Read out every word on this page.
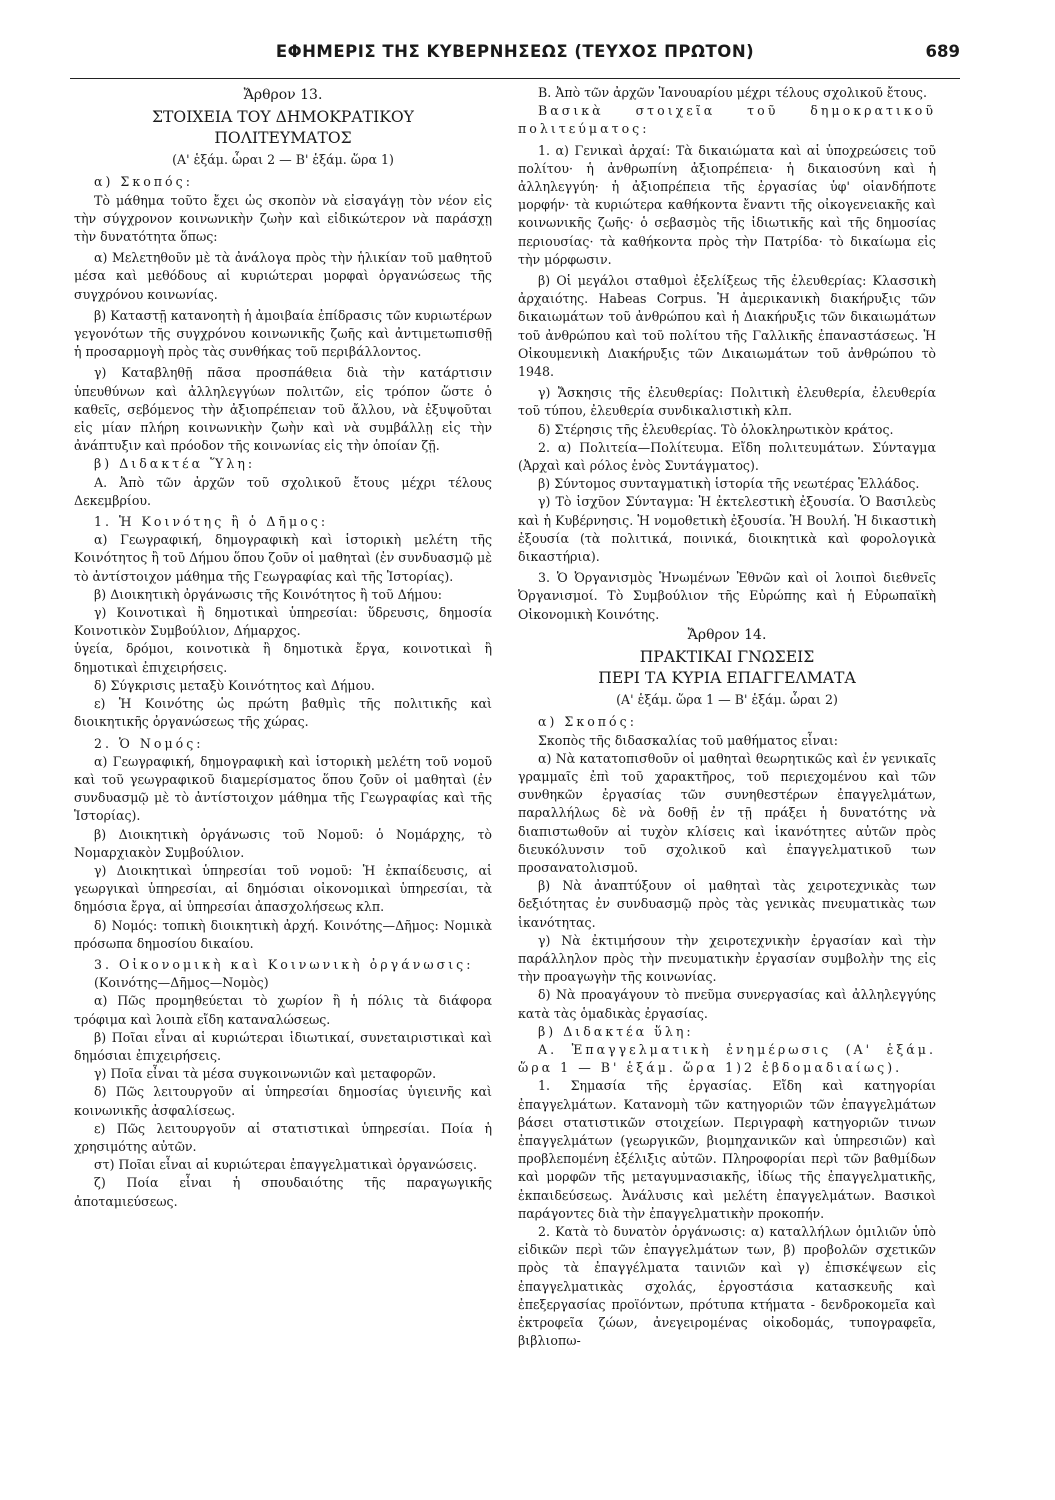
ΕΦΗΜΕΡΙΣ ΤΗΣ ΚΥΒΕΡΝΗΣΕΩΣ (ΤΕΥΧΟΣ ΠΡΩΤΟΝ)	689

Ἄρθρον 13.

ΣΤΟΙΧΕΙΑ ΤΟΥ ΔΗΜΟΚΡΑΤΙΚΟΥ

ΠΟΛΙΤΕΥΜΑΤΟΣ

(Α' ἑξάμ. ὧραι 2 — Β' ἑξάμ. ὥρα 1)

α) Σκοπός:

Τὸ μάθημα τοῦτο ἔχει ὡς σκοπὸν νὰ εἰσαγάγῃ τὸν νέον εἰς τὴν σύγχρονον κοινωνικὴν ζωὴν καὶ εἰδικώτερον νὰ παράσχῃ τὴν δυνατότητα ὅπως:

α) Μελετηθοῦν μὲ τὰ ἀνάλογα πρὸς τὴν ἡλικίαν τοῦ μαθητοῦ μέσα καὶ μεθόδους αἱ κυριώτεραι μορφαὶ ὀργανώσεως τῆς συγχρόνου κοινωνίας.

β) Καταστῇ κατανοητὴ ἡ ἀμοιβαία ἐπίδρασις τῶν κυριωτέρων γεγονότων τῆς συγχρόνου κοινωνικῆς ζωῆς καὶ ἀντιμετωπισθῇ ἡ προσαρμογὴ πρὸς τὰς συνθήκας τοῦ περιβάλλοντος.

γ) Καταβληθῇ πᾶσα προσπάθεια διὰ τὴν κατάρτισιν ὑπευθύνων καὶ ἀλληλεγγύων πολιτῶν, εἰς τρόπον ὥστε ὁ καθεῖς, σεβόμενος τὴν ἀξιοπρέπειαν τοῦ ἄλλου, νὰ ἐξυψοῦται εἰς μίαν πλήρη κοινωνικὴν ζωὴν καὶ νὰ συμβάλλῃ εἰς τὴν ἀνάπτυξιν καὶ πρόοδον τῆς κοινωνίας εἰς τὴν ὁποίαν ζῇ.

β) Διδακτέα Ὕλη:

Α. Ἀπὸ τῶν ἀρχῶν τοῦ σχολικοῦ ἔτους μέχρι τέλους Δεκεμβρίου.

1. Ἡ Κοινότης ἢ ὁ Δῆμος:

α) Γεωγραφική, δημογραφικὴ καὶ ἱστορικὴ μελέτη τῆς Κοινότητος ἢ τοῦ Δήμου ὅπου ζοῦν οἱ μαθηταὶ (ἐν συνδυασμῷ μὲ τὸ ἀντίστοιχον μάθημα τῆς Γεωγραφίας καὶ τῆς Ἱστορίας).

β) Διοικητικὴ ὀργάνωσις τῆς Κοινότητος ἢ τοῦ Δήμου:

γ) Κοινοτικαὶ ἢ δημοτικαὶ ὑπηρεσίαι: ὕδρευσις, δημοσία Κοινοτικὸν Συμβούλιον, Δήμαρχος.

ὑγεία, δρόμοι, κοινοτικὰ ἢ δημοτικὰ ἔργα, κοινοτικαὶ ἢ δημοτικαὶ ἐπιχειρήσεις.

δ) Σύγκρισις μεταξὺ Κοινότητος καὶ Δήμου.

ε) Ἡ Κοινότης ὡς πρώτη βαθμὶς τῆς πολιτικῆς καὶ διοικητικῆς ὀργανώσεως τῆς χώρας.

2. Ὁ Νομός:

α) Γεωγραφική, δημογραφικὴ καὶ ἱστορικὴ μελέτη τοῦ νομοῦ καὶ τοῦ γεωγραφικοῦ διαμερίσματος ὅπου ζοῦν οἱ μαθηταὶ (ἐν συνδυασμῷ μὲ τὸ ἀντίστοιχον μάθημα τῆς Γεωγραφίας καὶ τῆς Ἱστορίας).

β) Διοικητικὴ ὀργάνωσις τοῦ Νομοῦ: ὁ Νομάρχης, τὸ Νομαρχιακὸν Συμβούλιον.

γ) Διοικητικαὶ ὑπηρεσίαι τοῦ νομοῦ: Ἡ ἐκπαίδευσις, αἱ γεωργικαὶ ὑπηρεσίαι, αἱ δημόσιαι οἰκονομικαὶ ὑπηρεσίαι, τὰ δημόσια ἔργα, αἱ ὑπηρεσίαι ἀπασχολήσεως κλπ.

δ) Νομός: τοπικὴ διοικητικὴ ἀρχή. Κοινότης—Δῆμος: Νομικὰ πρόσωπα δημοσίου δικαίου.

3. Οἰκονομικὴ καὶ Κοινωνικὴ ὀργάνωσις:

(Κοινότης—Δῆμος—Νομὸς)

α) Πῶς προμηθεύεται τὸ χωρίον ἢ ἡ πόλις τὰ διάφορα τρόφιμα καὶ λοιπὰ εἴδη καταναλώσεως.

β) Ποῖαι εἶναι αἱ κυριώτεραι ἰδιωτικαί, συνεταιριστικαὶ καὶ δημόσιαι ἐπιχειρήσεις.

γ) Ποῖα εἶναι τὰ μέσα συγκοινωνιῶν καὶ μεταφορῶν.

δ) Πῶς λειτουργοῦν αἱ ὑπηρεσίαι δημοσίας ὑγιεινῆς καὶ κοινωνικῆς ἀσφαλίσεως.

ε) Πῶς λειτουργοῦν αἱ στατιστικαὶ ὑπηρεσίαι. Ποία ἡ χρησιμότης αὐτῶν.

στ) Ποῖαι εἶναι αἱ κυριώτεραι ἐπαγγελματικαὶ ὀργανώσεις.

ζ) Ποία εἶναι ἡ σπουδαιότης τῆς παραγωγικῆς ἀποταμιεύσεως.

Β. Ἀπὸ τῶν ἀρχῶν Ἰανουαρίου μέχρι τέλους σχολικοῦ ἔτους.

Βασικὰ στοιχεῖα τοῦ δημοκρατικοῦ πολιτεύματος:

1. α) Γενικαὶ ἀρχαί: Τὰ δικαιώματα καὶ αἱ ὑποχρεώσεις τοῦ πολίτου· ἡ ἀνθρωπίνη ἀξιοπρέπεια· ἡ δικαιοσύνη καὶ ἡ ἀλληλεγγύη· ἡ ἀξιοπρέπεια τῆς ἐργασίας ὑφ' οἱανδήποτε μορφήν· τὰ κυριώτερα καθήκοντα ἔναντι τῆς οἰκογενειακῆς καὶ κοινωνικῆς ζωῆς· ὁ σεβασμὸς τῆς ἰδιωτικῆς καὶ τῆς δημοσίας περιουσίας· τὰ καθήκοντα πρὸς τὴν Πατρίδα· τὸ δικαίωμα εἰς τὴν μόρφωσιν.

β) Οἱ μεγάλοι σταθμοὶ ἐξελίξεως τῆς ἐλευθερίας: Κλασσικὴ ἀρχαιότης. Habeas Corpus. Ἡ ἀμερικανικὴ διακήρυξις τῶν δικαιωμάτων τοῦ ἀνθρώπου καὶ ἡ Διακήρυξις τῶν δικαιωμάτων τοῦ ἀνθρώπου καὶ τοῦ πολίτου τῆς Γαλλικῆς ἐπαναστάσεως. Ἡ Οἰκουμενικὴ Διακήρυξις τῶν Δικαιωμάτων τοῦ ἀνθρώπου τὸ 1948.

γ) Ἄσκησις τῆς ἐλευθερίας: Πολιτικὴ ἐλευθερία, ἐλευθερία τοῦ τύπου, ἐλευθερία συνδικαλιστικὴ κλπ.

δ) Στέρησις τῆς ἐλευθερίας. Τὸ ὁλοκληρωτικὸν κράτος.

2. α) Πολιτεία—Πολίτευμα. Εἴδη πολιτευμάτων. Σύνταγμα (Ἀρχαὶ καὶ ρόλος ἑνὸς Συντάγματος).

β) Σύντομος συνταγματικὴ ἱστορία τῆς νεωτέρας Ἑλλάδος.

γ) Τὸ ἰσχῦον Σύνταγμα: Ἡ ἐκτελεστικὴ ἐξουσία. Ὁ Βασιλεὺς καὶ ἡ Κυβέρνησις. Ἡ νομοθετικὴ ἐξουσία. Ἡ Βουλή. Ἡ δικαστικὴ ἐξουσία (τὰ πολιτικά, ποινικά, διοικητικὰ καὶ φορολογικὰ δικαστήρια).

3. Ὁ Ὀργανισμὸς Ἡνωμένων Ἐθνῶν καὶ οἱ λοιποὶ διεθνεῖς Ὀργανισμοί. Τὸ Συμβούλιον τῆς Εὐρώπης καὶ ἡ Εὐρωπαϊκὴ Οἰκονομικὴ Κοινότης.

Ἄρθρον 14.

ΠΡΑΚΤΙΚΑΙ ΓΝΩΣΕΙΣ

ΠΕΡΙ ΤΑ ΚΥΡΙΑ ΕΠΑΓΓΕΛΜΑΤΑ

(Α' ἑξάμ. ὥρα 1 — Β' ἑξάμ. ὧραι 2)

α) Σκοπός:

Σκοπὸς τῆς διδασκαλίας τοῦ μαθήματος εἶναι:

α) Νὰ κατατοπισθοῦν οἱ μαθηταὶ θεωρητικῶς καὶ ἐν γενικαῖς γραμμαῖς ἐπὶ τοῦ χαρακτῆρος, τοῦ περιεχομένου καὶ τῶν συνθηκῶν ἐργασίας τῶν συνηθεστέρων ἐπαγγελμάτων, παραλλήλως δὲ νὰ δοθῇ ἐν τῇ πράξει ἡ δυνατότης νὰ διαπιστωθοῦν αἱ τυχὸν κλίσεις καὶ ἱκανότητες αὐτῶν πρὸς διευκόλυνσιν τοῦ σχολικοῦ καὶ ἐπαγγελματικοῦ των προσανατολισμοῦ.

β) Νὰ ἀναπτύξουν οἱ μαθηταὶ τὰς χειροτεχνικὰς των δεξιότητας ἐν συνδυασμῷ πρὸς τὰς γενικὰς πνευματικὰς των ἱκανότητας.

γ) Νὰ ἐκτιμήσουν τὴν χειροτεχνικὴν ἐργασίαν καὶ τὴν παράλληλον πρὸς τὴν πνευματικὴν ἐργασίαν συμβολὴν της εἰς τὴν προαγωγὴν τῆς κοινωνίας.

δ) Νὰ προαγάγουν τὸ πνεῦμα συνεργασίας καὶ ἀλληλεγγύης κατὰ τὰς ὁμαδικὰς ἐργασίας.

β) Διδακτέα ὕλη:

Α. Ἐπαγγελματικὴ ἐνημέρωσις (Α' ἑξάμ. ὥρα 1 — Β' ἑξάμ. ὥρα 1)2 ἑβδομαδιαίως).

1. Σημασία τῆς ἐργασίας. Εἴδη καὶ κατηγορίαι ἐπαγγελμάτων. Κατανομὴ τῶν κατηγοριῶν τῶν ἐπαγγελμάτων βάσει στατιστικῶν στοιχείων. Περιγραφὴ κατηγοριῶν τινων ἐπαγγελμάτων (γεωργικῶν, βιομηχανικῶν καὶ ὑπηρεσιῶν) καὶ προβλεπομένη ἐξέλιξις αὐτῶν. Πληροφορίαι περὶ τῶν βαθμίδων καὶ μορφῶν τῆς μεταγυμνασιακῆς, ἰδίως τῆς ἐπαγγελματικῆς, ἐκπαιδεύσεως. Ἀνάλυσις καὶ μελέτη ἐπαγγελμάτων. Βασικοὶ παράγοντες διὰ τὴν ἐπαγγελματικὴν προκοπήν.

2. Κατὰ τὸ δυνατὸν ὀργάνωσις: α) καταλλήλων ὁμιλιῶν ὑπὸ εἰδικῶν περὶ τῶν ἐπαγγελμάτων των, β) προβολῶν σχετικῶν πρὸς τὰ ἐπαγγέλματα ταινιῶν καὶ γ) ἐπισκέψεων εἰς ἐπαγγελματικὰς σχολάς, ἐργοστάσια κατασκευῆς καὶ ἐπεξεργασίας προϊόντων, πρότυπα κτήματα - δενδροκομεῖα καὶ ἐκτροφεῖα ζώων, ἀνεγειρομένας οἰκοδομάς, τυπογραφεῖα, βιβλιοπω-
